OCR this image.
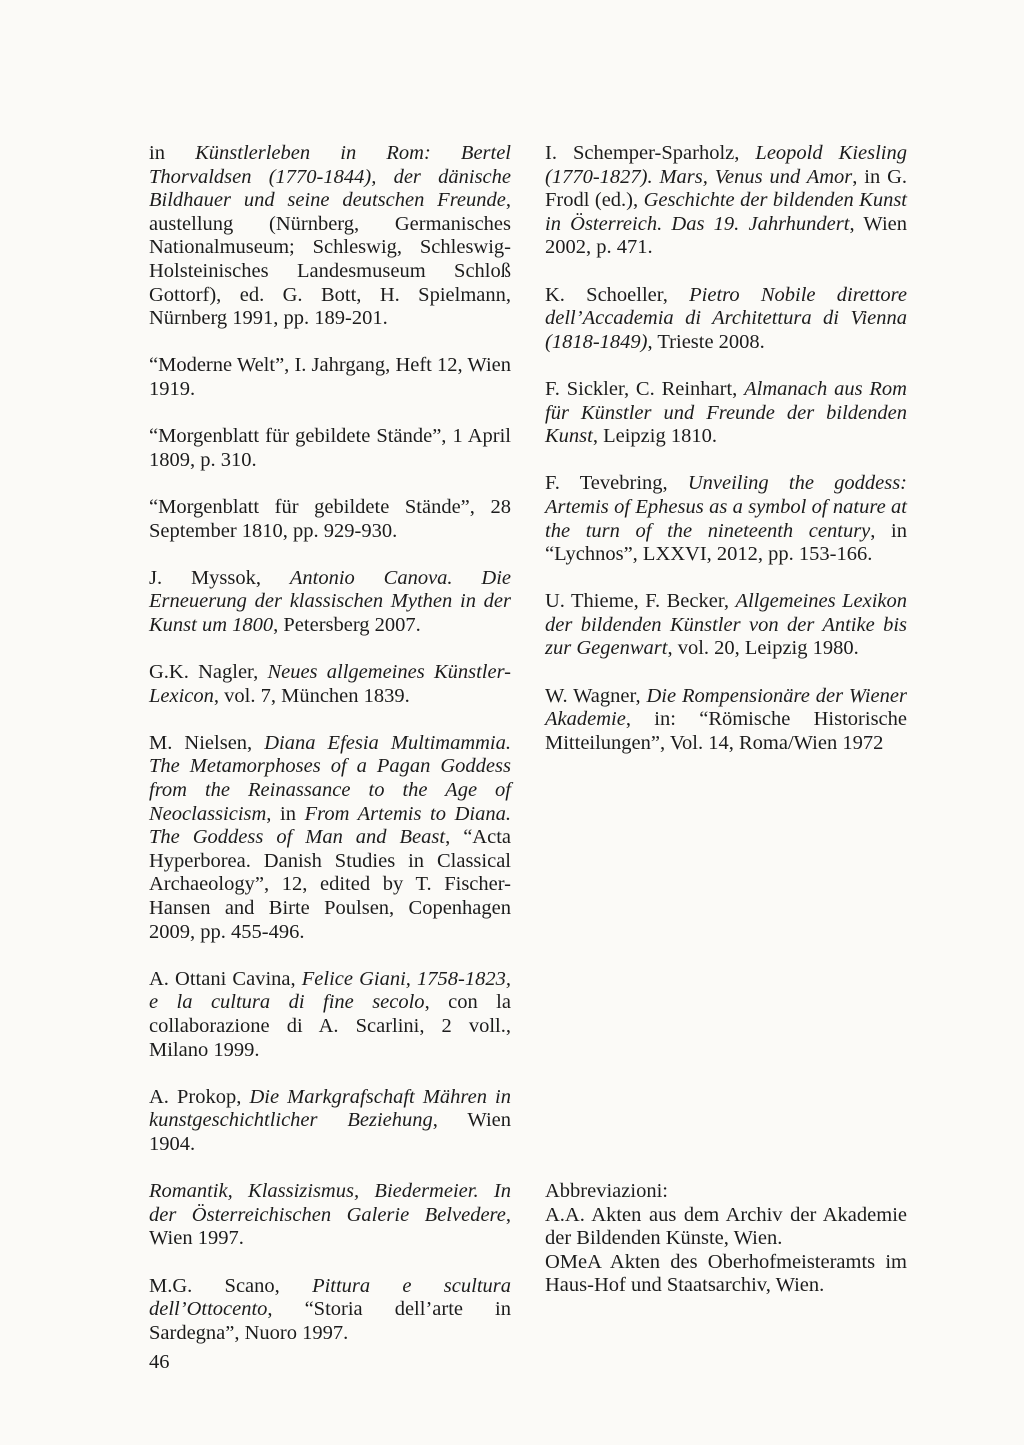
in Künstlerleben in Rom: Bertel Thorvaldsen (1770-1844), der dänische Bildhauer und seine deutschen Freunde, austellung (Nürnberg, Germanisches Nationalmuseum; Schleswig, Schleswig-Holsteinisches Landesmuseum Schloß Gottorf), ed. G. Bott, H. Spielmann, Nürnberg 1991, pp. 189-201.

“Moderne Welt”, I. Jahrgang, Heft 12, Wien 1919.

“Morgenblatt für gebildete Stände”, 1 April 1809, p. 310.

“Morgenblatt für gebildete Stände”, 28 September 1810, pp. 929-930.

J. Myssok, Antonio Canova. Die Erneuerung der klassischen Mythen in der Kunst um 1800, Petersberg 2007.

G.K. Nagler, Neues allgemeines Künstler-Lexicon, vol. 7, München 1839.

M. Nielsen, Diana Efesia Multimammia. The Metamorphoses of a Pagan Goddess from the Reinassance to the Age of Neoclassicism, in From Artemis to Diana. The Goddess of Man and Beast, “Acta Hyperborea. Danish Studies in Classical Archaeology”, 12, edited by T. Fischer-Hansen and Birte Poulsen, Copenhagen 2009, pp. 455-496.

A. Ottani Cavina, Felice Giani, 1758-1823, e la cultura di fine secolo, con la collaborazione di A. Scarlini, 2 voll., Milano 1999.

A. Prokop, Die Markgrafschaft Mähren in kunstgeschichtlicher Beziehung, Wien 1904.

Romantik, Klassizismus, Biedermeier. In der Österreichischen Galerie Belvedere, Wien 1997.

M.G. Scano, Pittura e scultura dell’Ottocento, “Storia dell’arte in Sardegna”, Nuoro 1997.

I. Schemper-Sparholz, Leopold Kiesling (1770-1827). Mars, Venus und Amor, in G. Frodl (ed.), Geschichte der bildenden Kunst in Österreich. Das 19. Jahrhundert, Wien 2002, p. 471.

K. Schoeller, Pietro Nobile direttore dell’Accademia di Architettura di Vienna (1818-1849), Trieste 2008.

F. Sickler, C. Reinhart, Almanach aus Rom für Künstler und Freunde der bildenden Kunst, Leipzig 1810.

F. Tevebring, Unveiling the goddess: Artemis of Ephesus as a symbol of nature at the turn of the nineteenth century, in “Lychnos”, LXXVI, 2012, pp. 153-166.

U. Thieme, F. Becker, Allgemeines Lexikon der bildenden Künstler von der Antike bis zur Gegenwart, vol. 20, Leipzig 1980.

W. Wagner, Die Rompensionäre der Wiener Akademie, in: “Römische Historische Mitteilungen”, Vol. 14, Roma/Wien 1972

Abbreviazioni:

A.A. Akten aus dem Archiv der Akademie der Bildenden Künste, Wien.

OMeA Akten des Oberhofmeisteramts im Haus-Hof und Staatsarchiv, Wien.

46
